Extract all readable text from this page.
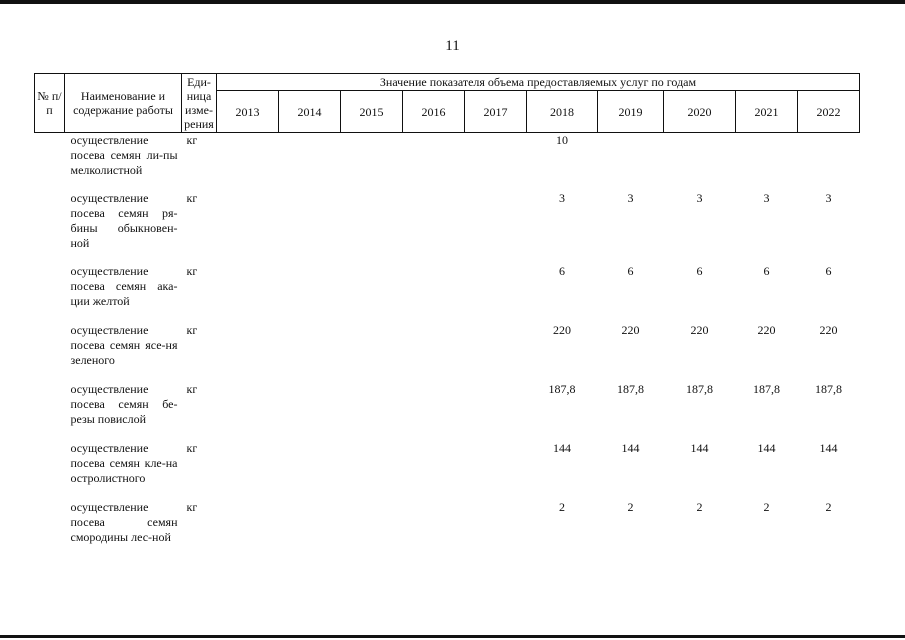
11
№ п/п	Наименование и содержание работы	Еди-ница изме-рения	Значение показателя объема предоставляемых услуг по годам									
			2013	2014	2015	2016	2017	2018	2019	2020	2021	2022
	осуществление посева семян ли-пы мелколистной	кг						10				
	осуществление посева семян ря-бины обыкновен-ной	кг						3	3	3	3	3
	осуществление посева семян ака-ции желтой	кг						6	6	6	6	6
	осуществление посева семян ясе-ня зеленого	кг						220	220	220	220	220
	осуществление посева семян бе-резы повислой	кг						187,8	187,8	187,8	187,8	187,8
	осуществление посева семян кле-на остролистного	кг						144	144	144	144	144
	осуществление посева семян смородины лес-ной	кг						2	2	2	2	2
